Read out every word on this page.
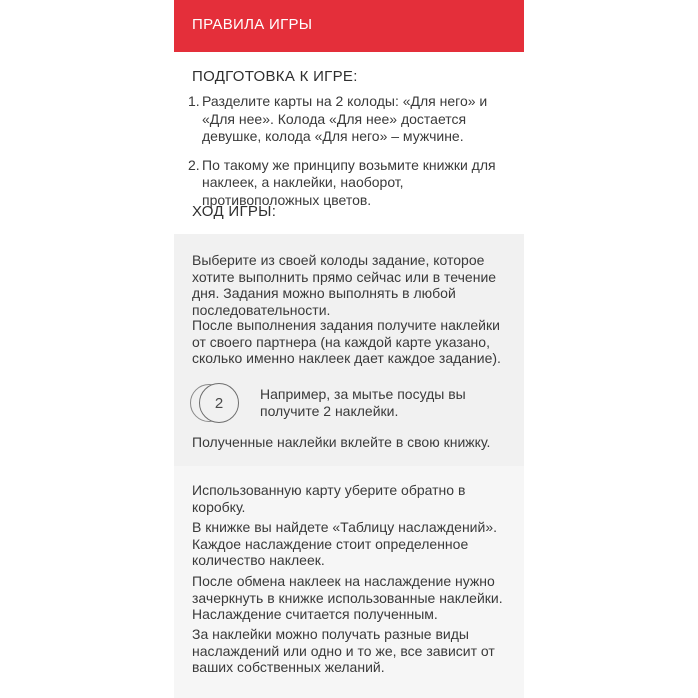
ПРАВИЛА ИГРЫ
ПОДГОТОВКА К ИГРЕ:
1. Разделите карты на 2 колоды: «Для него» и «Для нее». Колода «Для нее» достается девушке, колода «Для него» – мужчине.
2. По такому же принципу возьмите книжки для наклеек, а наклейки, наоборот, противоположных цветов.
ХОД ИГРЫ:
Выберите из своей колоды задание, которое хотите выполнить прямо сейчас или в течение дня. Задания можно выполнять в любой последовательности.
После выполнения задания получите наклейки от своего партнера (на каждой карте указано, сколько именно наклеек дает каждое задание).
2
Например, за мытье посуды вы получите 2 наклейки.
Полученные наклейки вклейте в свою книжку.
Использованную карту уберите обратно в коробку.
В книжке вы найдете «Таблицу наслаждений». Каждое наслаждение стоит определенное количество наклеек.
После обмена наклеек на наслаждение нужно зачеркнуть в книжке использованные наклейки. Наслаждение считается полученным.
За наклейки можно получать разные виды наслаждений или одно и то же, все зависит от ваших собственных желаний.
